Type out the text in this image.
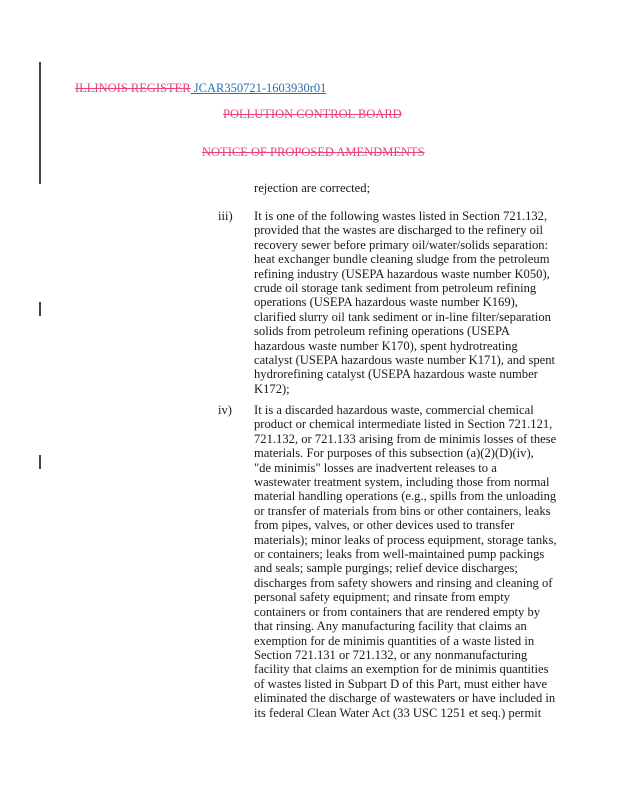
ILLINOIS REGISTER JCAR350721-1603930r01
POLLUTION CONTROL BOARD
NOTICE OF PROPOSED AMENDMENTS
rejection are corrected;
iii) It is one of the following wastes listed in Section 721.132,
provided that the wastes are discharged to the refinery oil
recovery sewer before primary oil/water/solids separation:
heat exchanger bundle cleaning sludge from the petroleum
refining industry (USEPA hazardous waste number K050),
crude oil storage tank sediment from petroleum refining
operations (USEPA hazardous waste number K169),
clarified slurry oil tank sediment or in-line filter/separation
solids from petroleum refining operations (USEPA
hazardous waste number K170), spent hydrotreating
catalyst (USEPA hazardous waste number K171), and spent
hydrorefining catalyst (USEPA hazardous waste number
K172);
iv) It is a discarded hazardous waste, commercial chemical
product or chemical intermediate listed in Section 721.121,
721.132, or 721.133 arising from de minimis losses of these
materials. For purposes of this subsection (a)(2)(D)(iv),
"de minimis" losses are inadvertent releases to a
wastewater treatment system, including those from normal
material handling operations (e.g., spills from the unloading
or transfer of materials from bins or other containers, leaks
from pipes, valves, or other devices used to transfer
materials); minor leaks of process equipment, storage tanks,
or containers; leaks from well-maintained pump packings
and seals; sample purgings; relief device discharges;
discharges from safety showers and rinsing and cleaning of
personal safety equipment; and rinsate from empty
containers or from containers that are rendered empty by
that rinsing. Any manufacturing facility that claims an
exemption for de minimis quantities of a waste listed in
Section 721.131 or 721.132, or any nonmanufacturing
facility that claims an exemption for de minimis quantities
of wastes listed in Subpart D of this Part, must either have
eliminated the discharge of wastewaters or have included in
its federal Clean Water Act (33 USC 1251 et seq.) permit
